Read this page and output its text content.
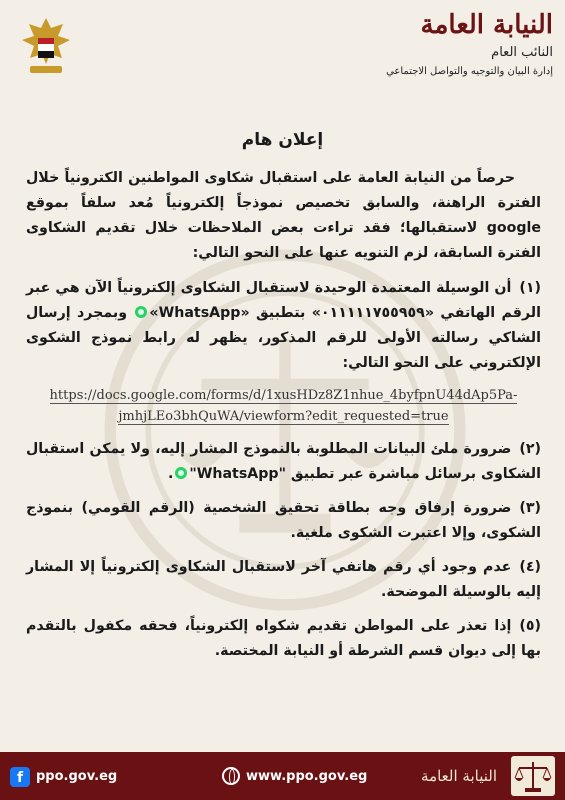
النيابة العامة
النائب العام
إدارة البيان والتوجيه والتواصل الاجتماعي
إعلان هام

حرصاً من النيابة العامة على استقبال شكاوى المواطنين الكترونياً خلال الفترة الراهنة، والسابق تخصيص نموذجاً إلكترونياً مُعد سلفاً بموقع google لاستقبالها؛ فقد تراءت بعض الملاحظات خلال تقديم الشكاوى الفترة السابقة، لزم التنويه عنها على النحو التالي:

(١)أن الوسيلة المعتمدة الوحيدة لاستقبال الشكاوى إلكترونياً الآن هي عبر الرقم الهاتفي «٠١١١١١٧٥٥٩٥٩» بتطبيق «WhatsApp» وبمجرد إرسال الشاكي رسالته الأولى للرقم المذكور، يظهر له رابط نموذج الشكوى الإلكتروني على النحو التالي:
https://docs.google.com/forms/d/1xusHDz8Z1nhue_4byfpnU44dAp5Pa-
jmhjLEo3bhQuWA/viewform?edit_requested=true
(٢)ضرورة ملئ البيانات المطلوبة بالنموذج المشار إليه، ولا يمكن استقبال الشكاوى برسائل مباشرة عبر تطبيق "WhatsApp".
(٣)ضرورة إرفاق وجه بطاقة تحقيق الشخصية (الرقم القومي) بنموذج الشكوى، وإلا اعتبرت الشكوى ملغية.
(٤)عدم وجود أي رقم هاتفي آخر لاستقبال الشكاوى إلكترونياً إلا المشار إليه بالوسيلة الموضحة.
(٥)إذا تعذر على المواطن تقديم شكواه إلكترونياً، فحقه مكفول بالتقدم بها إلى ديوان قسم الشرطة أو النيابة المختصة.
f ppo.gov.eg	www.ppo.gov.eg	النيابة العامة
